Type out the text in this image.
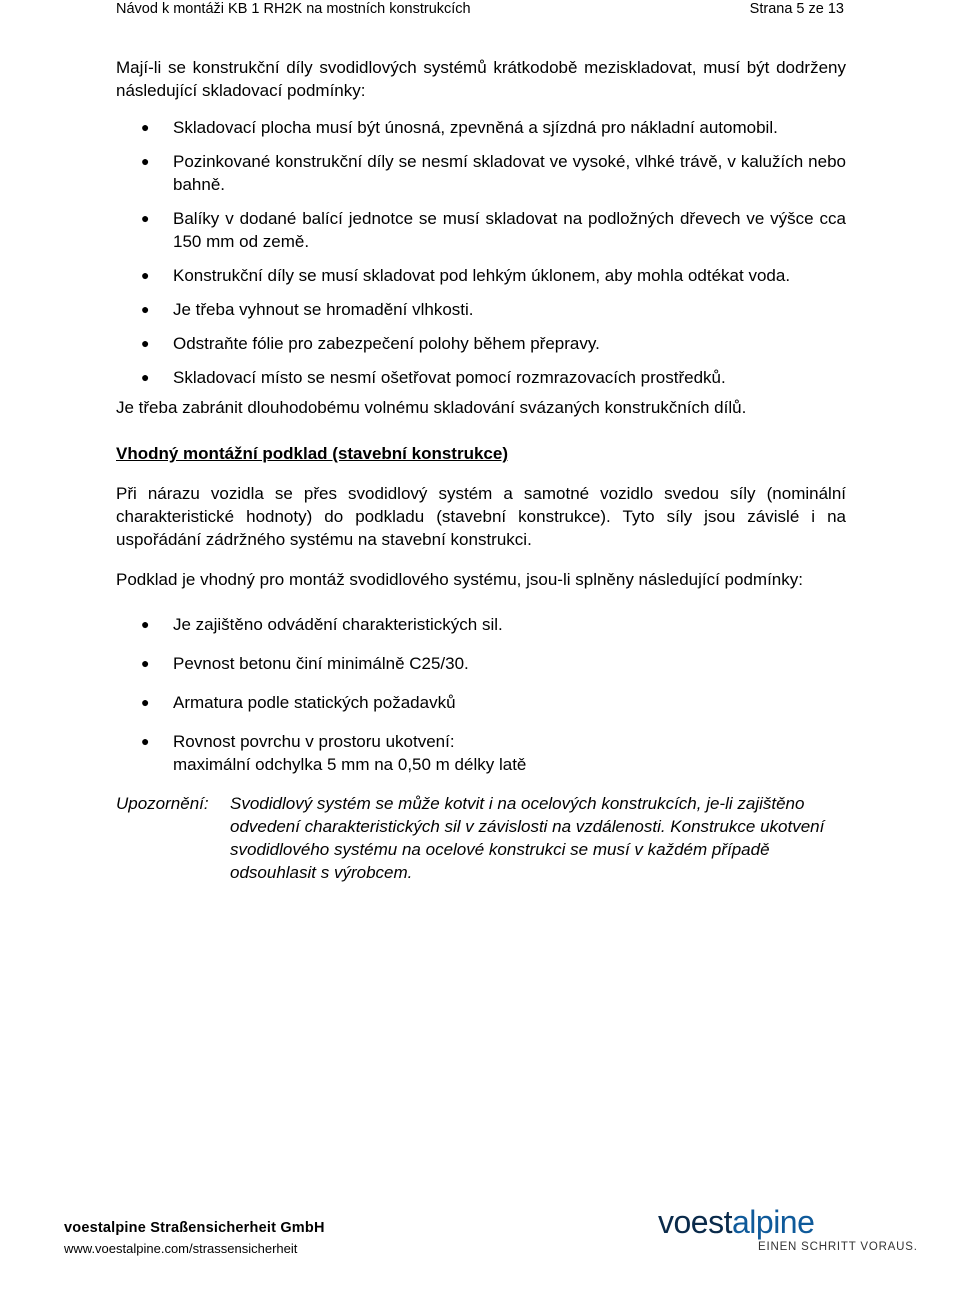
Návod k montáži KB 1 RH2K na mostních konstrukcích	Strana 5 ze 13

Mají-li se konstrukční díly svodidlových systémů krátkodobě meziskladovat, musí být dodrženy následující skladovací podmínky:

● Skladovací plocha musí být únosná, zpevněná a sjízdná pro nákladní automobil.
● Pozinkované konstrukční díly se nesmí skladovat ve vysoké, vlhké trávě, v kalužích nebo bahně.
● Balíky v dodané balící jednotce se musí skladovat na podložných dřevech ve výšce cca 150 mm od země.
● Konstrukční díly se musí skladovat pod lehkým úklonem, aby mohla odtékat voda.
● Je třeba vyhnout se hromadění vlhkosti.
● Odstraňte fólie pro zabezpečení polohy během přepravy.
● Skladovací místo se nesmí ošetřovat pomocí rozmrazovacích prostředků.

Je třeba zabránit dlouhodobému volnému skladování svázaných konstrukčních dílů.

Vhodný montážní podklad (stavební konstrukce)

Při nárazu vozidla se přes svodidlový systém a samotné vozidlo svedou síly (nominální charakteristické hodnoty) do podkladu (stavební konstrukce). Tyto síly jsou závislé i na uspořádání zádržného systému na stavební konstrukci.

Podklad je vhodný pro montáž svodidlového systému, jsou-li splněny následující podmínky:

● Je zajištěno odvádění charakteristických sil.
● Pevnost betonu činí minimálně C25/30.
● Armatura podle statických požadavků
● Rovnost povrchu v prostoru ukotvení:
maximální odchylka 5 mm na 0,50 m délky latě
Upozornění:	Svodidlový systém se může kotvit i na ocelových konstrukcích, je-li zajištěno odvedení charakteristických sil v závislosti na vzdálenosti. Konstrukce ukotvení svodidlového systému na ocelové konstrukci se musí v každém případě odsouhlasit s výrobcem.
voestalpine Straßensicherheit GmbH
www.voestalpine.com/strassensicherheit
voestalpine
EINEN SCHRITT VORAUS.
